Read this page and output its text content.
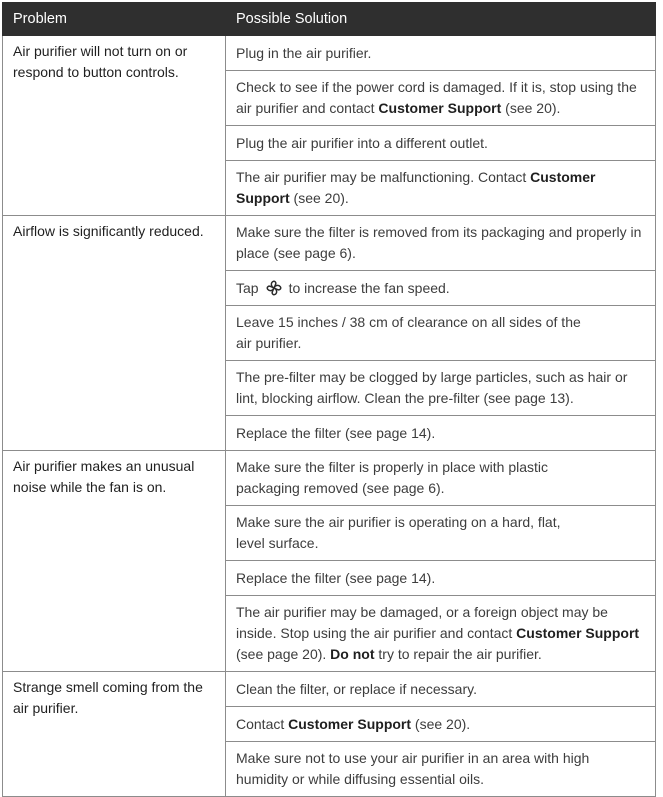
Problem	Possible Solution
Air purifier will not turn on or respond to button controls.	Plug in the air purifier.
	Check to see if the power cord is damaged. If it is, stop using the air purifier and contact Customer Support (see 20).
	Plug the air purifier into a different outlet.
	The air purifier may be malfunctioning. Contact Customer Support (see 20).
Airflow is significantly reduced.	Make sure the filter is removed from its packaging and properly in place (see page 6).
	Tap to increase the fan speed.
	Leave 15 inches / 38 cm of clearance on all sides of the
air purifier.
	The pre-filter may be clogged by large particles, such as hair or lint, blocking airflow. Clean the pre-filter (see page 13).
	Replace the filter (see page 14).
Air purifier makes an unusual noise while the fan is on.	Make sure the filter is properly in place with plastic
packaging removed (see page 6).
	Make sure the air purifier is operating on a hard, flat,
level surface.
	Replace the filter (see page 14).
	The air purifier may be damaged, or a foreign object may be inside. Stop using the air purifier and contact Customer Support (see page 20). Do not try to repair the air purifier.
Strange smell coming from the air purifier.	Clean the filter, or replace if necessary.
	Contact Customer Support (see 20).
	Make sure not to use your air purifier in an area with high humidity or while diffusing essential oils.
